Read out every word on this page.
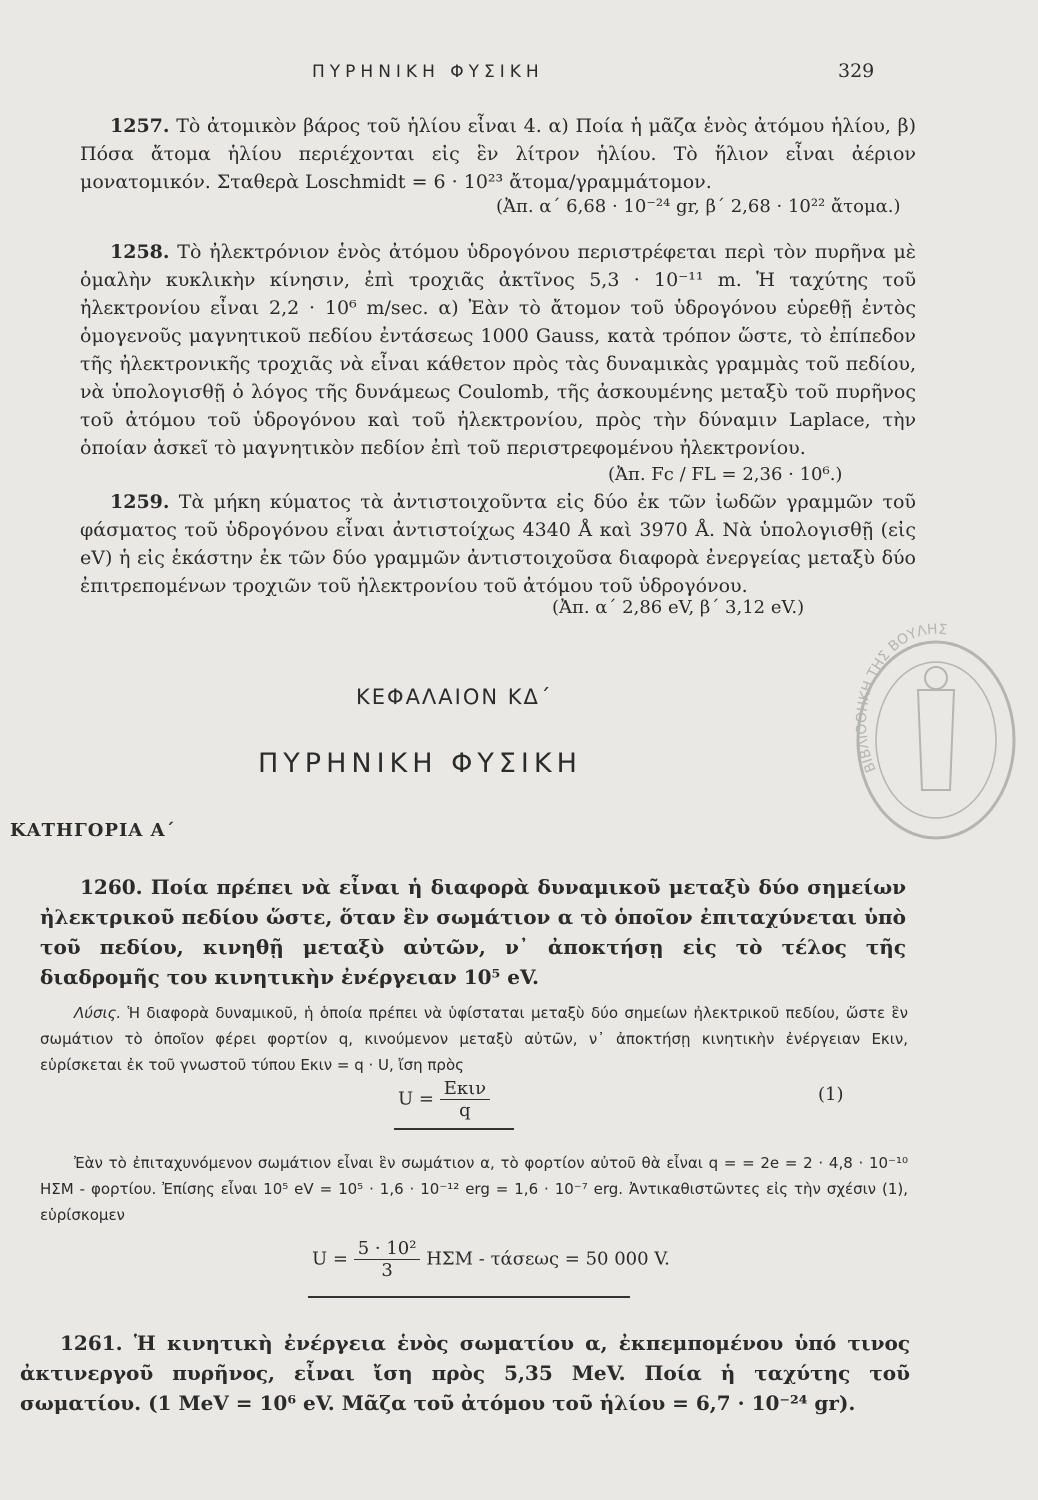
ΠΥΡΗΝΙΚΗ ΦΥΣΙΚΗ	329

1257. Τὸ ἀτομικὸν βάρος τοῦ ἡλίου εἶναι 4. α) Ποία ἡ μᾶζα ἑνὸς ἀτόμου ἡλίου, β) Πόσα ἄτομα ἡλίου περιέχονται εἰς ἓν λίτρον ἡλίου. Τὸ ἥλιον εἶναι ἀέριον μονατομικόν. Σταθερὰ Loschmidt = 6 · 10²³ ἄτομα/γραμμάτομον.

(Ἀπ. α΄ 6,68 · 10⁻²⁴ gr, β΄ 2,68 · 10²² ἄτομα.)

1258. Τὸ ἠλεκτρόνιον ἑνὸς ἀτόμου ὑδρογόνου περιστρέφεται περὶ τὸν πυρῆνα μὲ ὁμαλὴν κυκλικὴν κίνησιν, ἐπὶ τροχιᾶς ἀκτῖνος 5,3 · 10⁻¹¹ m. Ἡ ταχύτης τοῦ ἠλεκτρονίου εἶναι 2,2 · 10⁶ m/sec. α) Ἐὰν τὸ ἄτομον τοῦ ὑδρογόνου εὑρεθῇ ἐντὸς ὁμογενοῦς μαγνητικοῦ πεδίου ἐντάσεως 1000 Gauss, κατὰ τρόπον ὥστε, τὸ ἐπίπεδον τῆς ἠλεκτρονικῆς τροχιᾶς νὰ εἶναι κάθετον πρὸς τὰς δυναμικὰς γραμμὰς τοῦ πεδίου, νὰ ὑπολογισθῇ ὁ λόγος τῆς δυνάμεως Coulomb, τῆς ἀσκουμένης μεταξὺ τοῦ πυρῆνος τοῦ ἀτόμου τοῦ ὑδρογόνου καὶ τοῦ ἠλεκτρονίου, πρὸς τὴν δύναμιν Laplace, τὴν ὁποίαν ἀσκεῖ τὸ μαγνητικὸν πεδίον ἐπὶ τοῦ περιστρεφομένου ἠλεκτρονίου.

(Ἀπ. Fc / FL = 2,36 · 10⁶.)

1259. Τὰ μήκη κύματος τὰ ἀντιστοιχοῦντα εἰς δύο ἐκ τῶν ἰωδῶν γραμμῶν τοῦ φάσματος τοῦ ὑδρογόνου εἶναι ἀντιστοίχως 4340 Å καὶ 3970 Å. Νὰ ὑπολογισθῇ (εἰς eV) ἡ εἰς ἑκάστην ἐκ τῶν δύο γραμμῶν ἀντιστοιχοῦσα διαφορὰ ἐνεργείας μεταξὺ δύο ἐπιτρεπομένων τροχιῶν τοῦ ἠλεκτρονίου τοῦ ἀτόμου τοῦ ὑδρογόνου.

(Ἀπ. α΄ 2,86 eV, β΄ 3,12 eV.)
ΚΕΦΑΛΑΙΟΝ ΚΔ΄
ΠΥΡΗΝΙΚΗ ΦΥΣΙΚΗ
ΚΑΤΗΓΟΡΙΑ Α΄

1260. Ποία πρέπει νὰ εἶναι ἡ διαφορὰ δυναμικοῦ μεταξὺ δύο σημείων ἠλεκτρικοῦ πεδίου ὥστε, ὅταν ἓν σωμάτιον α τὸ ὁποῖον ἐπιταχύνεται ὑπὸ τοῦ πεδίου, κινηθῇ μεταξὺ αὐτῶν, ν᾽ ἀποκτήσῃ εἰς τὸ τέλος τῆς διαδρομῆς του κινητικὴν ἐνέργειαν 10⁵ eV.

Λύσις. Ἡ διαφορὰ δυναμικοῦ, ἡ ὁποία πρέπει νὰ ὑφίσταται μεταξὺ δύο σημείων ἠλεκτρικοῦ πεδίου, ὥστε ἓν σωμάτιον τὸ ὁποῖον φέρει φορτίον q, κινούμενον μεταξὺ αὐτῶν, ν᾽ ἀποκτήσῃ κινητικὴν ἐνέργειαν Eκιν, εὑρίσκεται ἐκ τοῦ γνωστοῦ τύπου Eκιν = q · U, ἴση πρὸς

$U = \frac{\text{Eκιν}}{q}$	(1)

Ἐὰν τὸ ἐπιταχυνόμενον σωμάτιον εἶναι ἓν σωμάτιον α, τὸ φορτίον αὐτοῦ θὰ εἶναι q = = 2e = 2 · 4,8 · 10⁻¹⁰ ΗΣΜ - φορτίου. Ἐπίσης εἶναι 10⁵ eV = 10⁵ · 1,6 · 10⁻¹² erg = 1,6 · 10⁻⁷ erg. Ἀντικαθιστῶντες εἰς τὴν σχέσιν (1), εὑρίσκομεν

$U = \frac{\text{5 · 10²}}{3}$ ΗΣΜ - τάσεως = 50 000 V.

1261. Ἡ κινητικὴ ἐνέργεια ἑνὸς σωματίου α, ἐκπεμπομένου ὑπό τινος ἀκτινεργοῦ πυρῆνος, εἶναι ἴση πρὸς 5,35 MeV. Ποία ἡ ταχύτης τοῦ σωματίου. (1 MeV = 10⁶ eV. Μᾶζα τοῦ ἀτόμου τοῦ ἡλίου = 6,7 · 10⁻²⁴ gr).

ΒΙΒΛΙΟΘΗΚΗ ΤΗΣ ΒΟΥΛΗΣ
